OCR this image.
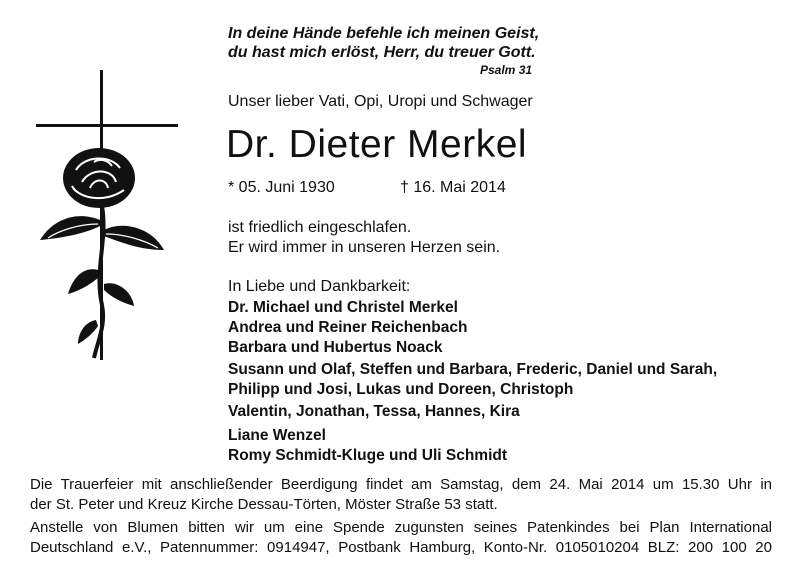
In deine Hände befehle ich meinen Geist,
du hast mich erlöst, Herr, du treuer Gott.
Psalm 31
Unser lieber Vati, Opi, Uropi und Schwager
Dr. Dieter Merkel
* 05. Juni 1930	† 16. Mai 2014
ist friedlich eingeschlafen.
Er wird immer in unseren Herzen sein.
In Liebe und Dankbarkeit:
Dr. Michael und Christel Merkel
Andrea und Reiner Reichenbach
Barbara und Hubertus Noack
Susann und Olaf, Steffen und Barbara, Frederic, Daniel und Sarah,
Philipp und Josi, Lukas und Doreen, Christoph
Valentin, Jonathan, Tessa, Hannes, Kira
Liane Wenzel
Romy Schmidt-Kluge und Uli Schmidt
Die Trauerfeier mit anschließender Beerdigung findet am Samstag, dem 24. Mai 2014 um 15.30 Uhr in
der St. Peter und Kreuz Kirche Dessau-Törten, Möster Straße 53 statt.
Anstelle von Blumen bitten wir um eine Spende zugunsten seines Patenkindes bei Plan International
Deutschland e.V., Patennummer: 0914947, Postbank Hamburg, Konto-Nr. 0105010204 BLZ: 200 100 20
